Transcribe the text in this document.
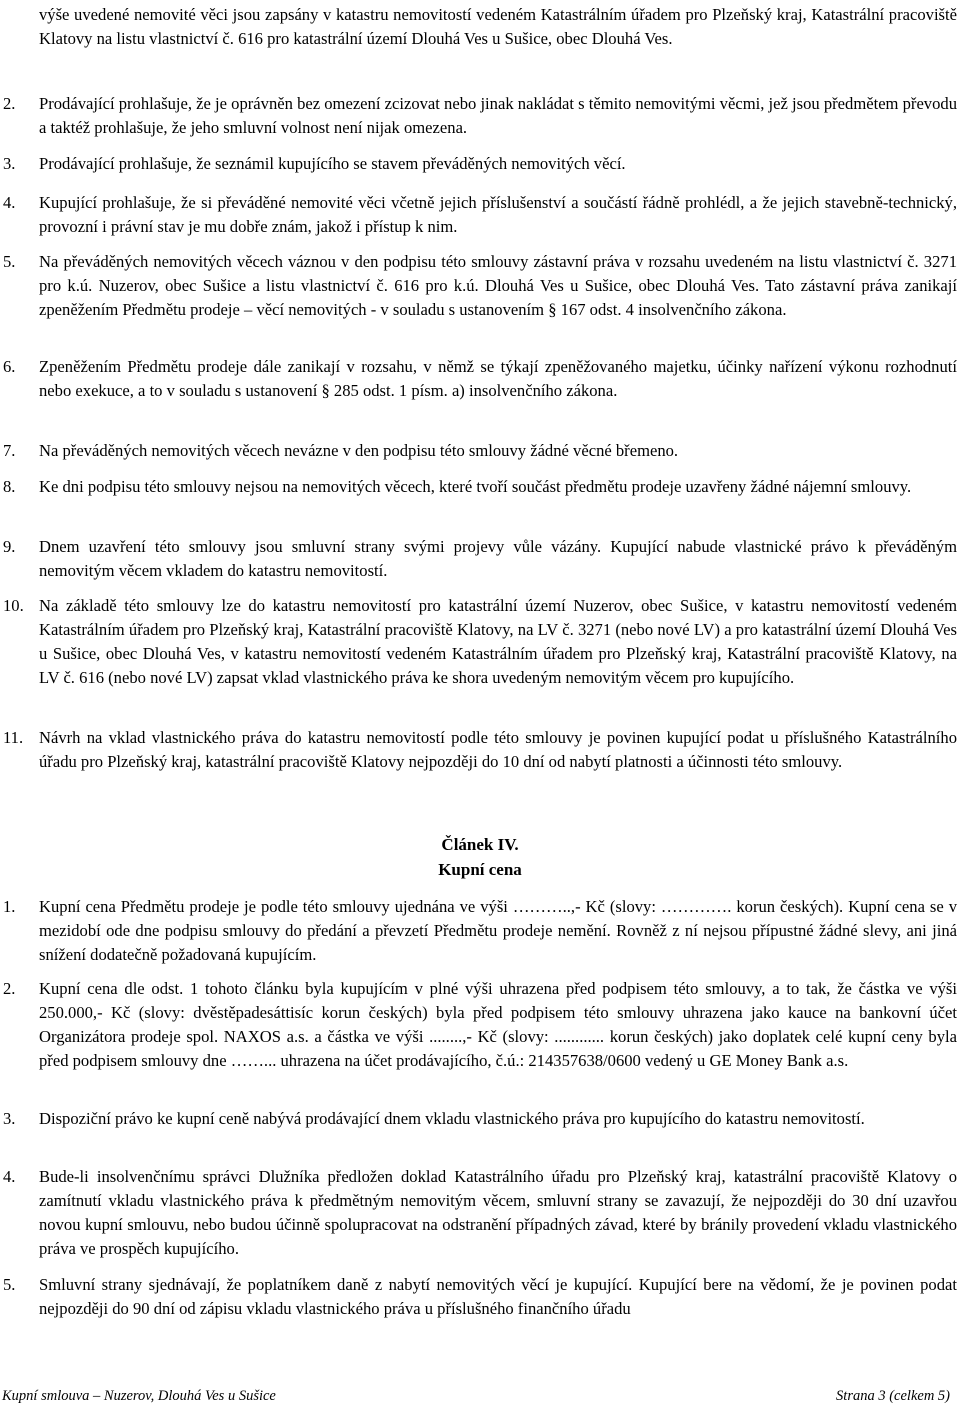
výše uvedené nemovité věci jsou zapsány v katastru nemovitostí vedeném Katastrálním úřadem pro Plzeňský kraj, Katastrální pracoviště Klatovy na listu vlastnictví č. 616 pro katastrální území Dlouhá Ves u Sušice, obec Dlouhá Ves.

2. Prodávající prohlašuje, že je oprávněn bez omezení zcizovat nebo jinak nakládat s těmito nemovitými věcmi, jež jsou předmětem převodu a taktéž prohlašuje, že jeho smluvní volnost není nijak omezena.
3. Prodávající prohlašuje, že seznámil kupujícího se stavem převáděných nemovitých věcí.
4. Kupující prohlašuje, že si převáděné nemovité věci včetně jejich příslušenství a součástí řádně prohlédl, a že jejich stavebně-technický, provozní i právní stav je mu dobře znám, jakož i přístup k nim.
5. Na převáděných nemovitých věcech váznou v den podpisu této smlouvy zástavní práva v rozsahu uvedeném na listu vlastnictví č. 3271 pro k.ú. Nuzerov, obec Sušice a listu vlastnictví č. 616 pro k.ú. Dlouhá Ves u Sušice, obec Dlouhá Ves. Tato zástavní práva zanikají zpeněžením Předmětu prodeje – věcí nemovitých - v souladu s ustanovením § 167 odst. 4 insolvenčního zákona.
6. Zpeněžením Předmětu prodeje dále zanikají v rozsahu, v němž se týkají zpeněžovaného majetku, účinky nařízení výkonu rozhodnutí nebo exekuce, a to v souladu s ustanovení § 285 odst. 1 písm. a) insolvenčního zákona.
7. Na převáděných nemovitých věcech nevázne v den podpisu této smlouvy žádné věcné břemeno.
8. Ke dni podpisu této smlouvy nejsou na nemovitých věcech, které tvoří součást předmětu prodeje uzavřeny žádné nájemní smlouvy.
9. Dnem uzavření této smlouvy jsou smluvní strany svými projevy vůle vázány. Kupující nabude vlastnické právo k převáděným nemovitým věcem vkladem do katastru nemovitostí.
10. Na základě této smlouvy lze do katastru nemovitostí pro katastrální území Nuzerov, obec Sušice, v katastru nemovitostí vedeném Katastrálním úřadem pro Plzeňský kraj, Katastrální pracoviště Klatovy, na LV č. 3271 (nebo nové LV) a pro katastrální území Dlouhá Ves u Sušice, obec Dlouhá Ves, v katastru nemovitostí vedeném Katastrálním úřadem pro Plzeňský kraj, Katastrální pracoviště Klatovy, na LV č. 616 (nebo nové LV) zapsat vklad vlastnického práva ke shora uvedeným nemovitým věcem pro kupujícího.
11. Návrh na vklad vlastnického práva do katastru nemovitostí podle této smlouvy je povinen kupující podat u příslušného Katastrálního úřadu pro Plzeňský kraj, katastrální pracoviště Klatovy nejpozději do 10 dní od nabytí platnosti a účinnosti této smlouvy.
Článek IV.
Kupní cena
1. Kupní cena Předmětu prodeje je podle této smlouvy ujednána ve výši ………..,- Kč (slovy: …………. korun českých). Kupní cena se v mezidobí ode dne podpisu smlouvy do předání a převzetí Předmětu prodeje nemění. Rovněž z ní nejsou přípustné žádné slevy, ani jiná snížení dodatečně požadovaná kupujícím.
2. Kupní cena dle odst. 1 tohoto článku byla kupujícím v plné výši uhrazena před podpisem této smlouvy, a to tak, že částka ve výši 250.000,- Kč (slovy: dvěstěpadesáttisíc korun českých) byla před podpisem této smlouvy uhrazena jako kauce na bankovní účet Organizátora prodeje spol. NAXOS a.s. a částka ve výši ........,- Kč (slovy: ............ korun českých) jako doplatek celé kupní ceny byla před podpisem smlouvy dne ……... uhrazena na účet prodávajícího, č.ú.: 214357638/0600 vedený u GE Money Bank a.s.
3. Dispoziční právo ke kupní ceně nabývá prodávající dnem vkladu vlastnického práva pro kupujícího do katastru nemovitostí.
4. Bude-li insolvenčnímu správci Dlužníka předložen doklad Katastrálního úřadu pro Plzeňský kraj, katastrální pracoviště Klatovy o zamítnutí vkladu vlastnického práva k předmětným nemovitým věcem, smluvní strany se zavazují, že nejpozději do 30 dní uzavřou novou kupní smlouvu, nebo budou účinně spolupracovat na odstranění případných závad, které by bránily provedení vkladu vlastnického práva ve prospěch kupujícího.
5. Smluvní strany sjednávají, že poplatníkem daně z nabytí nemovitých věcí je kupující. Kupující bere na vědomí, že je povinen podat nejpozději do 90 dní od zápisu vkladu vlastnického práva u příslušného finančního úřadu
Kupní smlouva – Nuzerov, Dlouhá Ves u Sušice	Strana 3 (celkem 5)
